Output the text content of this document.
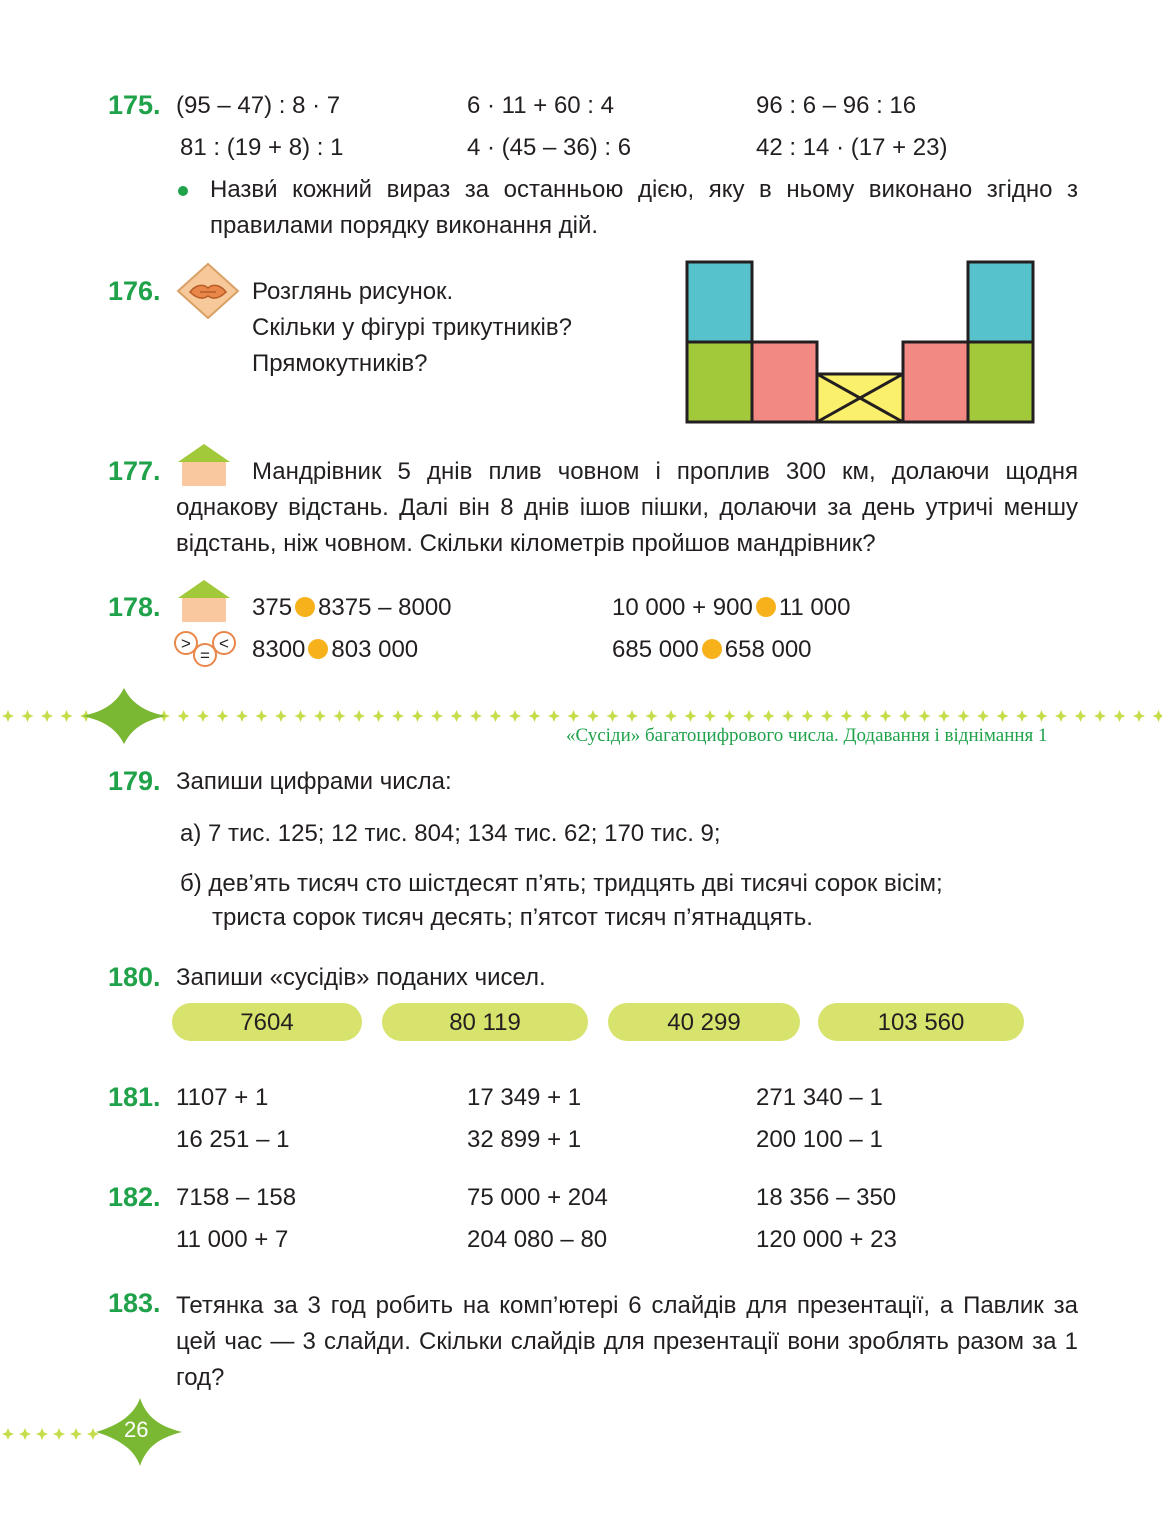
175. (95 – 47) : 8 · 7	6 · 11 + 60 : 4	96 : 6 – 96 : 16
81 : (19 + 8) : 1	4 · (45 – 36) : 6	42 : 14 · (17 + 23)
Назви́ кожний вираз за останньою дією, яку в ньому виконано згідно з правилами порядку виконання дій.
176.	Розглянь рисунок.
Скільки у фігурі трикутників?
Прямокутників?
177.	Мандрівник 5 днів плив човном і проплив 300 км, долаючи щодня однакову відстань. Далі він 8 днів ішов пішки, долаючи за день утричі меншу відстань, ніж човном. Скільки кілометрів пройшов мандрівник?
178.
>
=
<
375 8375 – 8000	10 000 + 900 11 000
8300 803 000	685 000 658 000
«Сусіди» багатоцифрового числа. Додавання і віднімання 1
179. Запиши цифрами числа:
а) 7 тис. 125; 12 тис. 804; 134 тис. 62; 170 тис. 9;
б) дев’ять тисяч сто шістдесят п’ять; тридцять дві тисячі сорок вісім;
триста сорок тисяч десять; п’ятсот тисяч п’ятнадцять.
180. Запиши «сусідів» поданих чисел.
7604	80 119	40 299	103 560
181. 1107 + 1	17 349 + 1	271 340 – 1
16 251 – 1	32 899 + 1	200 100 – 1
182. 7158 – 158	75 000 + 204	18 356 – 350
11 000 + 7	204 080 – 80	120 000 + 23
183. Тетянка за 3 год робить на комп’ютері 6 слайдів для презентації, а Павлик за цей час — 3 слайди. Скільки слайдів для презентації вони зроблять разом за 1 год?
26
